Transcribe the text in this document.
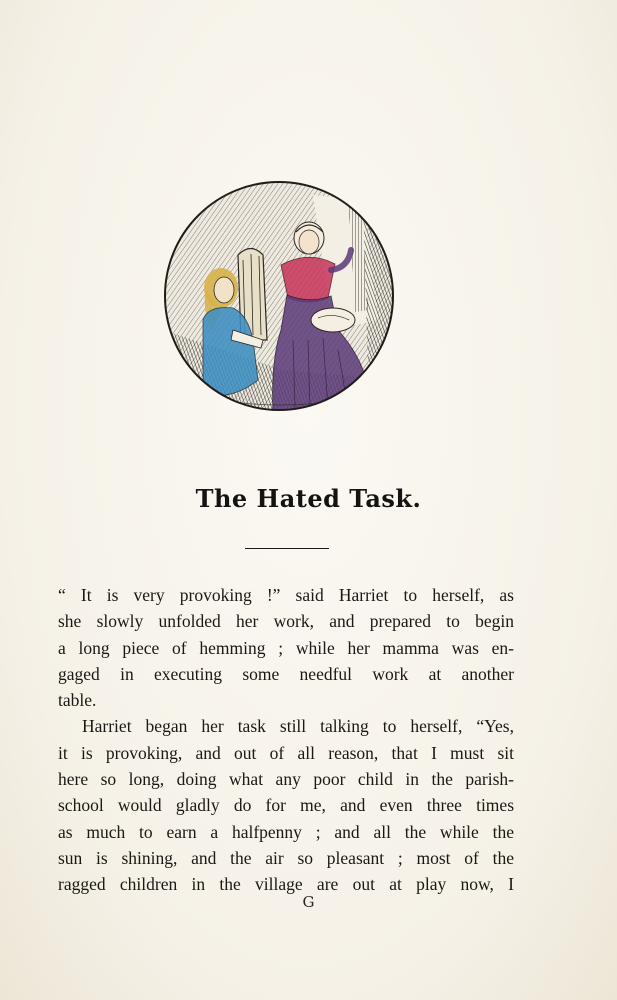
The Hated Task.
“ It is very provoking !” said Harriet to herself, as
she slowly unfolded her work, and prepared to begin
a long piece of hemming ; while her mamma was en-
gaged in executing some needful work at another
table.
Harriet began her task still talking to herself, “Yes,
it is provoking, and out of all reason, that I must sit
here so long, doing what any poor child in the parish-
school would gladly do for me, and even three times
as much to earn a halfpenny ; and all the while the
sun is shining, and the air so pleasant ; most of the
ragged children in the village are out at play now, I
G
